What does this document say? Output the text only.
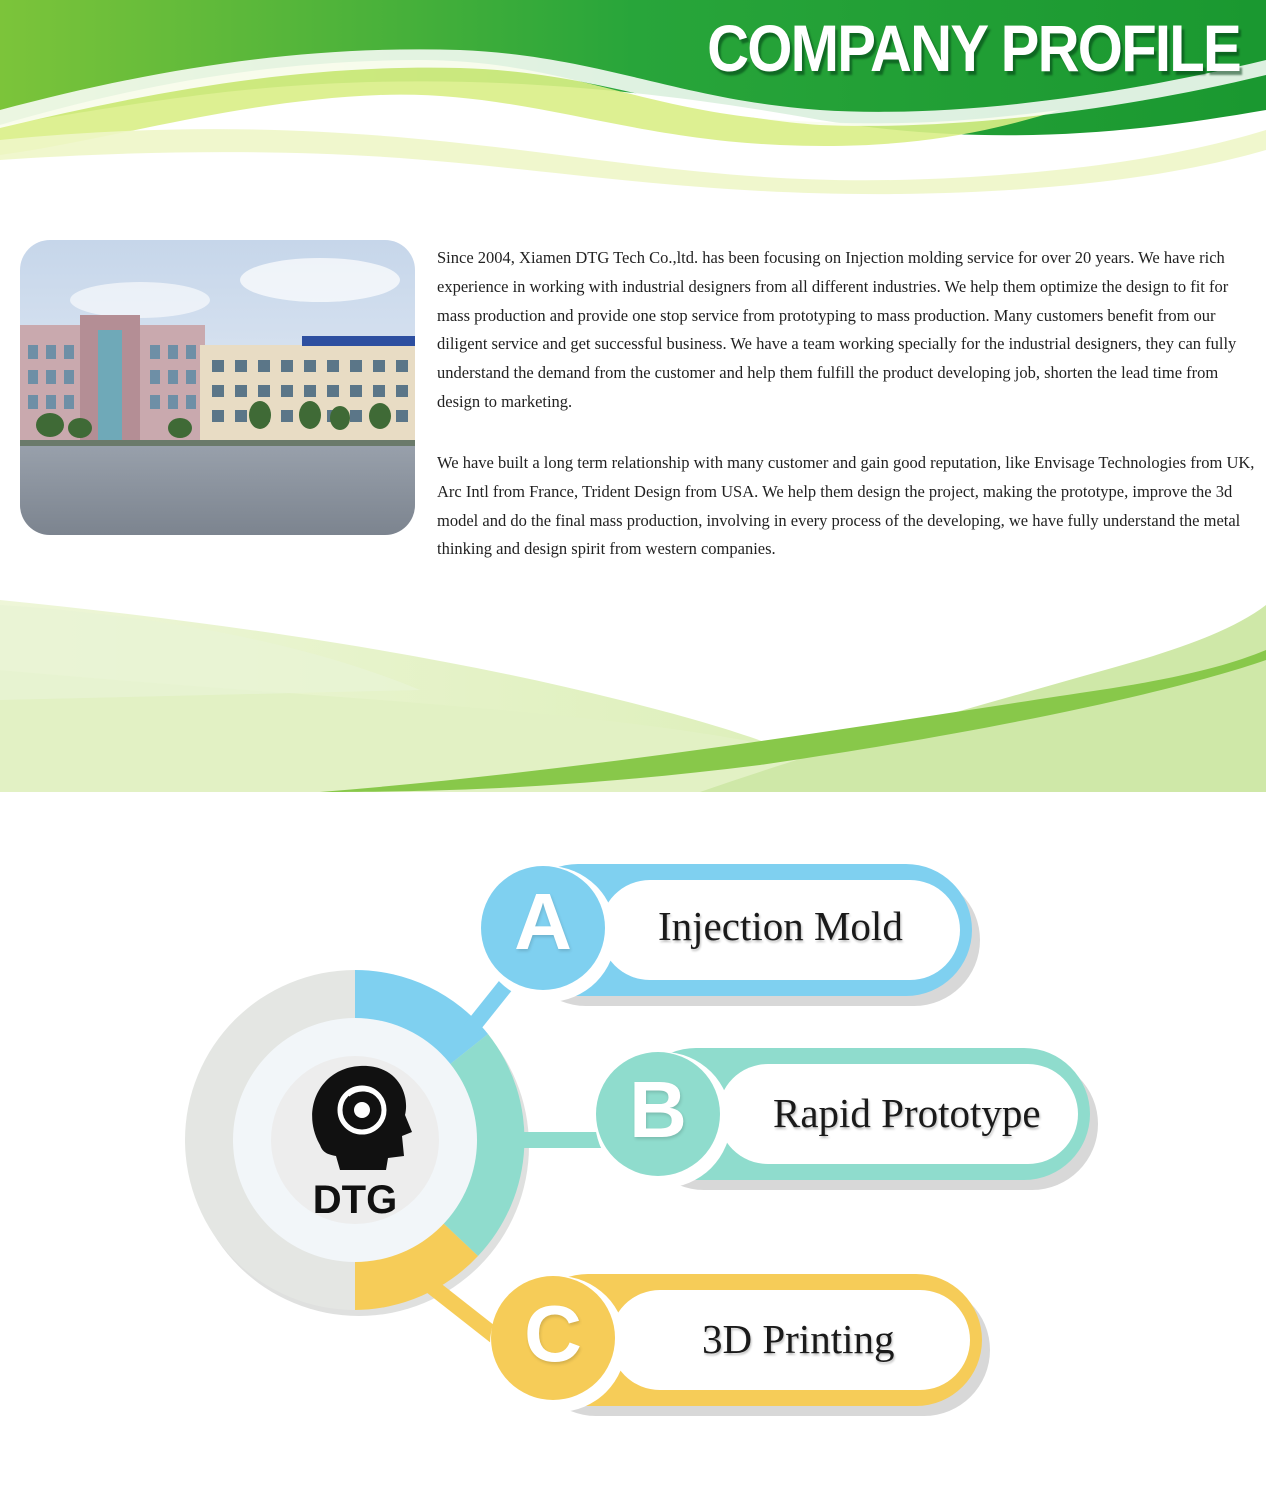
COMPANY PROFILE

Since 2004, Xiamen DTG Tech Co.,ltd. has been focusing on Injection molding service for over 20 years. We have rich experience in working with industrial designers from all different industries. We help them optimize the design to fit for mass production and provide one stop service from prototyping to mass production. Many customers benefit from our diligent service and get successful business. We have a team working specially for the industrial designers, they can fully understand the demand from the customer and help them fulfill the product developing job, shorten the lead time from design to marketing.

We have built a long term relationship with many customer and gain good reputation, like Envisage Technologies from UK, Arc Intl from France, Trident Design from USA. We help them design the project, making the prototype, improve the 3d model and do the final mass production, involving in every process of the developing, we have fully understand the metal thinking and design spirit from western companies.

A
B
C
Injection Mold
Rapid Prototype
3D Printing
DTG
